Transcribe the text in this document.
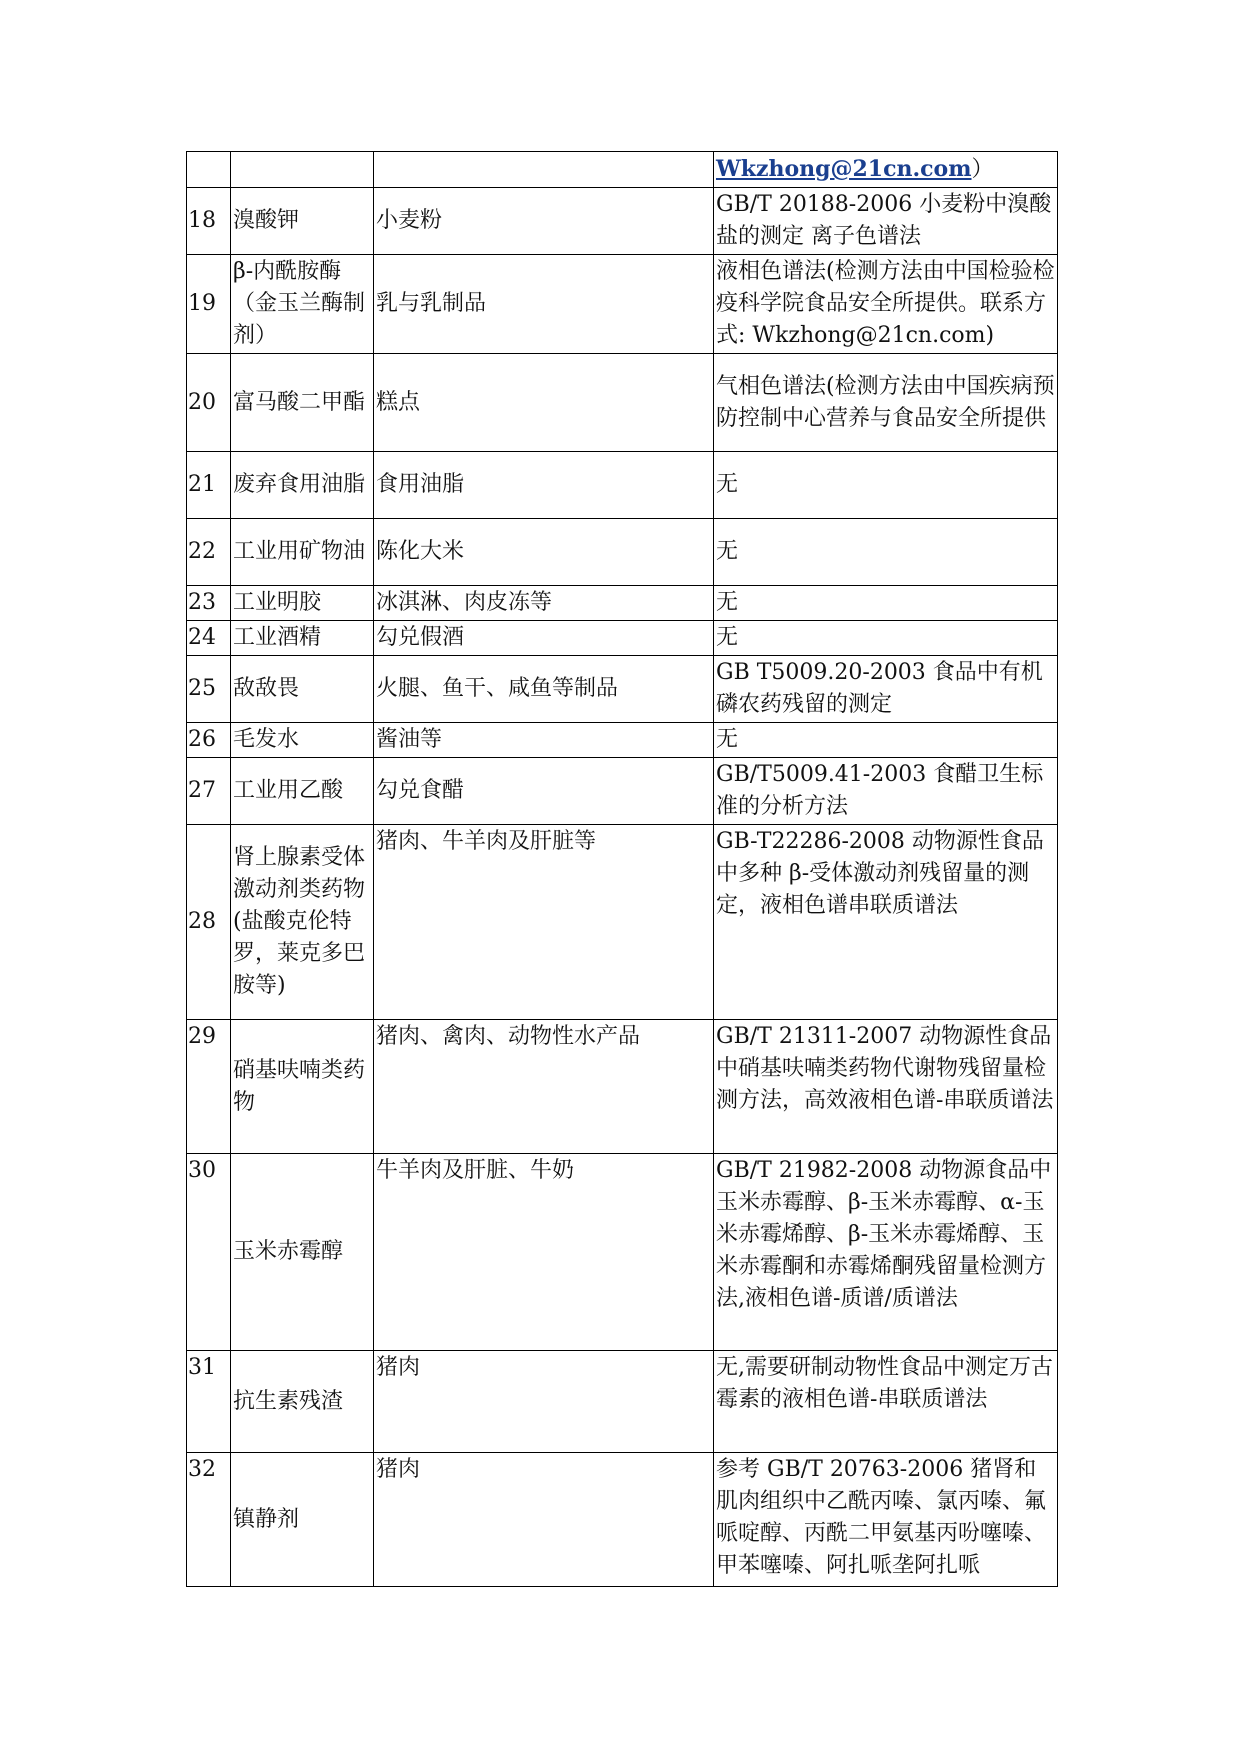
			Wkzhong@21cn.com）
18	溴酸钾	小麦粉	GB/T 20188-2006 小麦粉中溴酸盐的测定 离子色谱法
19	β-内酰胺酶（金玉兰酶制剂）	乳与乳制品	液相色谱法(检测方法由中国检验检疫科学院食品安全所提供。联系方式: Wkzhong@21cn.com)
20	富马酸二甲酯	糕点	气相色谱法(检测方法由中国疾病预防控制中心营养与食品安全所提供
21	废弃食用油脂	食用油脂	无
22	工业用矿物油	陈化大米	无
23	工业明胶	冰淇淋、肉皮冻等	无
24	工业酒精	勾兑假酒	无
25	敌敌畏	火腿、鱼干、咸鱼等制品	GB T5009.20-2003 食品中有机磷农药残留的测定
26	毛发水	酱油等	无
27	工业用乙酸	勾兑食醋	GB/T5009.41-2003 食醋卫生标准的分析方法
28	肾上腺素受体激动剂类药物(盐酸克伦特罗，莱克多巴胺等)	猪肉、牛羊肉及肝脏等	GB-T22286-2008 动物源性食品中多种 β-受体激动剂残留量的测定，液相色谱串联质谱法
29	硝基呋喃类药物	猪肉、禽肉、动物性水产品	GB/T 21311-2007 动物源性食品中硝基呋喃类药物代谢物残留量检测方法，高效液相色谱-串联质谱法
30	玉米赤霉醇	牛羊肉及肝脏、牛奶	GB/T 21982-2008 动物源食品中玉米赤霉醇、β-玉米赤霉醇、α-玉米赤霉烯醇、β-玉米赤霉烯醇、玉米赤霉酮和赤霉烯酮残留量检测方法,液相色谱-质谱/质谱法
31	抗生素残渣	猪肉	无,需要研制动物性食品中测定万古霉素的液相色谱-串联质谱法
32	镇静剂	猪肉	参考 GB/T 20763-2006 猪肾和肌肉组织中乙酰丙嗪、氯丙嗪、氟哌啶醇、丙酰二甲氨基丙吩噻嗪、甲苯噻嗪、阿扎哌垄阿扎哌
